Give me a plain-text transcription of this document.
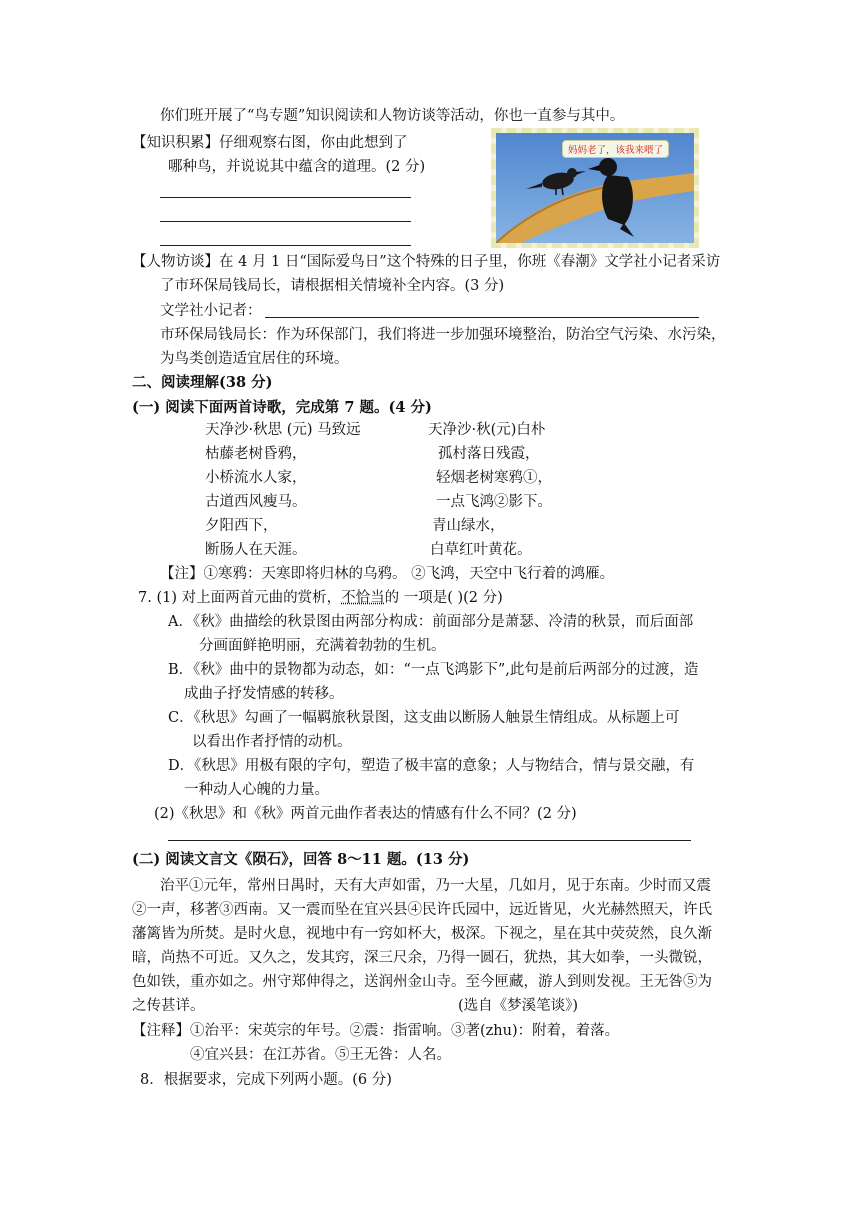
你们班开展了“鸟专题”知识阅读和人物访谈等活动，你也一直参与其中。
【知识积累】仔细观察右图，你由此想到了
哪种鸟，并说说其中蕴含的道理。(2 分)
妈妈老了，该我来喂了
【人物访谈】在 4 月 1 日“国际爱鸟日”这个特殊的日子里，你班《春潮》文学社小记者采访
了市环保局钱局长，请根据相关情境补全内容。(3 分)
文学社小记者：
市环保局钱局长：作为环保部门，我们将进一步加强环境整治，防治空气污染、水污染，
为鸟类创造适宜居住的环境。
二、阅读理解(38 分)
(一) 阅读下面两首诗歌，完成第 7 题。(4 分)
天净沙·秋思 (元) 马致远
枯藤老树昏鸦，
小桥流水人家，
古道西风瘦马。
夕阳西下，
断肠人在天涯。
天净沙·秋(元)白朴
孤村落日残霞，
轻烟老树寒鸦①，
一点飞鸿②影下。
青山绿水，
白草红叶黄花。
【注】①寒鸦：天寒即将归林的乌鸦。 ②飞鸿，天空中飞行着的鸿雁。
7. (1) 对上面两首元曲的赏析，不恰当的 一项是( )(2 分)
A．《秋》曲描绘的秋景图由两部分构成：前面部分是萧瑟、冷清的秋景，而后面部
分画面鲜艳明丽，充满着勃勃的生机。
B．《秋》曲中的景物都为动态，如：“一点飞鸿影下”,此句是前后两部分的过渡，造
成曲子抒发情感的转移。
C．《秋思》勾画了一幅羁旅秋景图，这支曲以断肠人触景生情组成。从标题上可
以看出作者抒情的动机。
D．《秋思》用极有限的字句，塑造了极丰富的意象；人与物结合，情与景交融，有
一种动人心魄的力量。
(2)《秋思》和《秋》两首元曲作者表达的情感有什么不同？(2 分)
(二) 阅读文言文《陨石》，回答 8～11 题。(13 分)
治平①元年，常州日禺时，天有大声如雷，乃一大星，几如月，见于东南。少时而又震
②一声，移著③西南。又一震而坠在宜兴县④民许氏园中，远近皆见，火光赫然照天，许氏
藩篱皆为所焚。是时火息，视地中有一窍如杯大，极深。下视之，星在其中荧荧然，良久渐
暗，尚热不可近。又久之，发其窍，深三尺余，乃得一圆石，犹热，其大如拳，一头微锐，
色如铁，重亦如之。州守郑伸得之，送润州金山寺。至今匣藏，游人到则发视。王无咎⑤为
之传甚详。	(选自《梦溪笔谈》)
【注释】①治平：宋英宗的年号。②震：指雷响。③著(zhu)：附着，着落。
④宜兴县：在江苏省。⑤王无咎：人名。
8．根据要求，完成下列两小题。(6 分)
